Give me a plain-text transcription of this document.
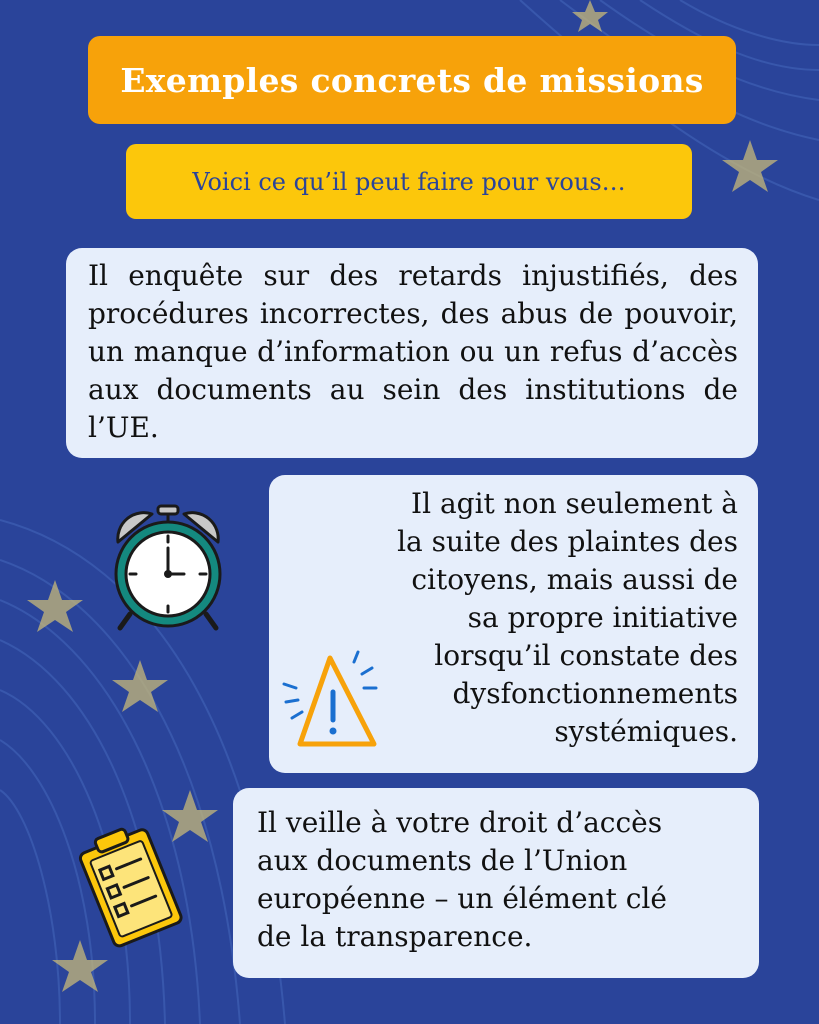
Exemples concrets de missions
Voici ce qu’il peut faire pour vous…

Il enquête sur des retards injustifiés, des procédures incorrectes, des abus de pouvoir, un manque d’information ou un refus d’accès aux documents au sein des institutions de l’UE.

Il agit non seulement à

la suite des plaintes des

citoyens, mais aussi de

sa propre initiative

lorsqu’il constate des

dysfonctionnements

systémiques.

Il veille à votre droit d’accès

aux documents de l’Union

européenne – un élément clé

de la transparence.
